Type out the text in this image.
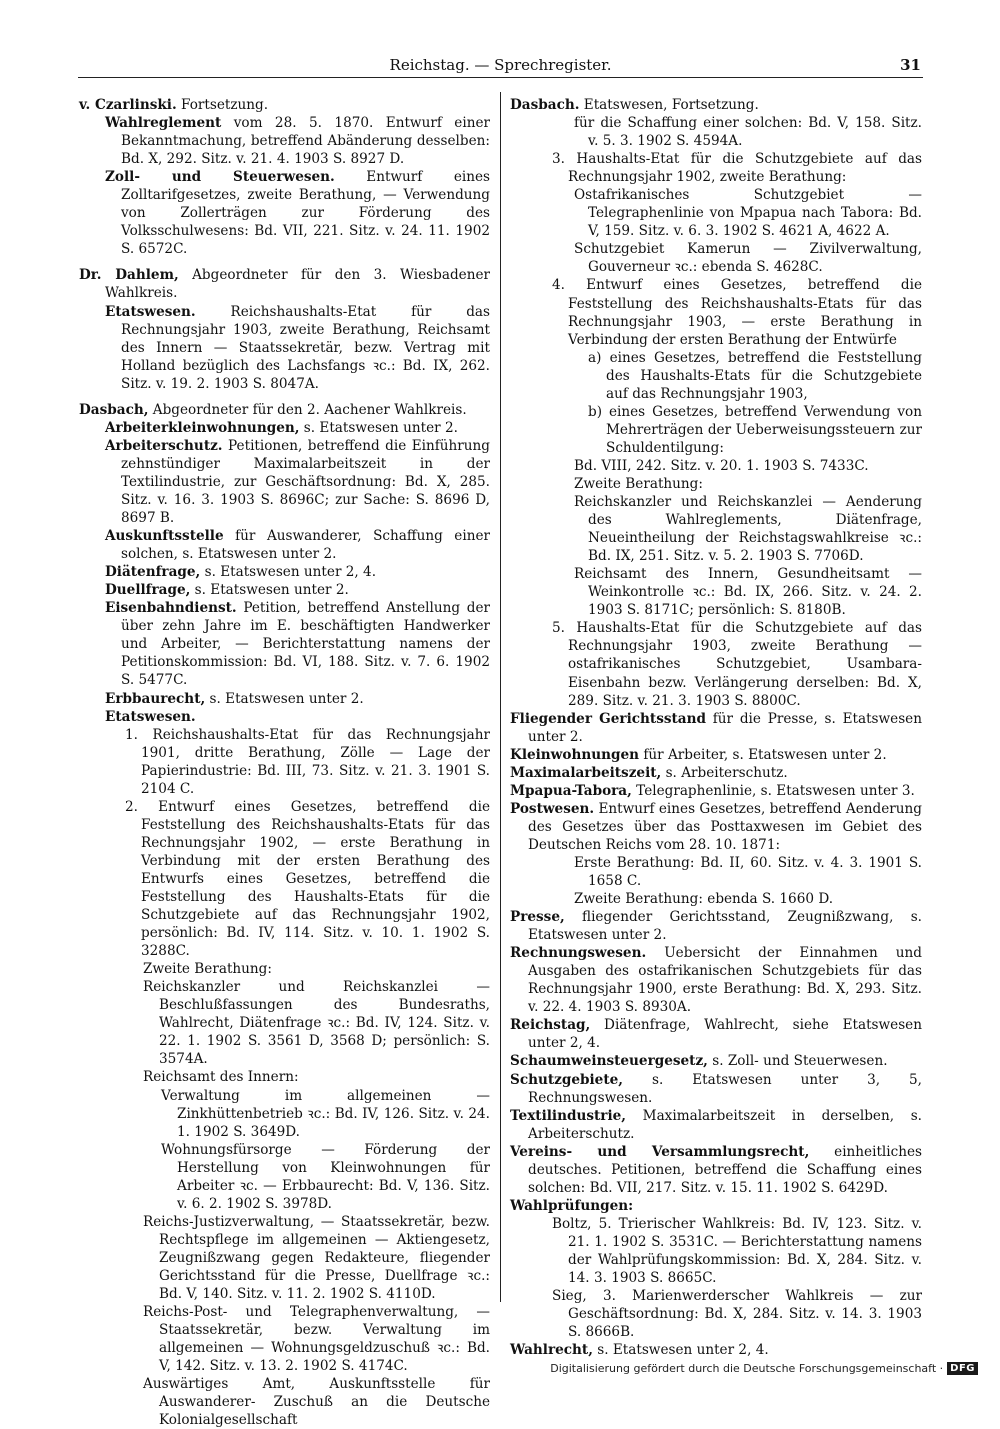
Reichstag. — Sprechregister.	31

v. Czarlinski. Fortsetzung.

Wahlreglement vom 28. 5. 1870. Entwurf einer Bekanntmachung, betreffend Abänderung desselben: Bd. X, 292. Sitz. v. 21. 4. 1903 S. 8927 D.

Zoll- und Steuerwesen. Entwurf eines Zolltarifgesetzes, zweite Berathung, — Verwendung von Zollerträgen zur Förderung des Volksschulwesens: Bd. VII, 221. Sitz. v. 24. 11. 1902 S. 6572C.

Dr. Dahlem, Abgeordneter für den 3. Wiesbadener Wahlkreis.

Etatswesen. Reichshaushalts-Etat für das Rechnungsjahr 1903, zweite Berathung, Reichsamt des Innern — Staatssekretär, bezw. Vertrag mit Holland bezüglich des Lachsfangs ꝛc.: Bd. IX, 262. Sitz. v. 19. 2. 1903 S. 8047A.

Dasbach, Abgeordneter für den 2. Aachener Wahlkreis.

Arbeiterkleinwohnungen, s. Etatswesen unter 2.

Arbeiterschutz. Petitionen, betreffend die Einführung zehnstündiger Maximalarbeitszeit in der Textilindustrie, zur Geschäftsordnung: Bd. X, 285. Sitz. v. 16. 3. 1903 S. 8696C; zur Sache: S. 8696 D, 8697 B.

Auskunftsstelle für Auswanderer, Schaffung einer solchen, s. Etatswesen unter 2.

Diätenfrage, s. Etatswesen unter 2, 4.

Duellfrage, s. Etatswesen unter 2.

Eisenbahndienst. Petition, betreffend Anstellung der über zehn Jahre im E. beschäftigten Handwerker und Arbeiter, — Berichterstattung namens der Petitionskommission: Bd. VI, 188. Sitz. v. 7. 6. 1902 S. 5477C.

Erbbaurecht, s. Etatswesen unter 2.

Etatswesen.

1. Reichshaushalts-Etat für das Rechnungsjahr 1901, dritte Berathung, Zölle — Lage der Papierindustrie: Bd. III, 73. Sitz. v. 21. 3. 1901 S. 2104 C.

2. Entwurf eines Gesetzes, betreffend die Feststellung des Reichshaushalts-Etats für das Rechnungsjahr 1902, — erste Berathung in Verbindung mit der ersten Berathung des Entwurfs eines Gesetzes, betreffend die Feststellung des Haushalts-Etats für die Schutzgebiete auf das Rechnungsjahr 1902, persönlich: Bd. IV, 114. Sitz. v. 10. 1. 1902 S. 3288C.

Zweite Berathung:

Reichskanzler und Reichskanzlei — Beschlußfassungen des Bundesraths, Wahlrecht, Diätenfrage ꝛc.: Bd. IV, 124. Sitz. v. 22. 1. 1902 S. 3561 D, 3568 D; persönlich: S. 3574A.

Reichsamt des Innern:

Verwaltung im allgemeinen — Zinkhüttenbetrieb ꝛc.: Bd. IV, 126. Sitz. v. 24. 1. 1902 S. 3649D.

Wohnungsfürsorge — Förderung der Herstellung von Kleinwohnungen für Arbeiter ꝛc. — Erbbaurecht: Bd. V, 136. Sitz. v. 6. 2. 1902 S. 3978D.

Reichs-Justizverwaltung, — Staatssekretär, bezw. Rechtspflege im allgemeinen — Aktiengesetz, Zeugnißzwang gegen Redakteure, fliegender Gerichtsstand für die Presse, Duellfrage ꝛc.: Bd. V, 140. Sitz. v. 11. 2. 1902 S. 4110D.

Reichs-Post- und Telegraphenverwaltung, — Staatssekretär, bezw. Verwaltung im allgemeinen — Wohnungsgeldzuschuß ꝛc.: Bd. V, 142. Sitz. v. 13. 2. 1902 S. 4174C.

Auswärtiges Amt, Auskunftsstelle für Auswanderer- Zuschuß an die Deutsche Kolonialgesellschaft

Dasbach. Etatswesen, Fortsetzung.

für die Schaffung einer solchen: Bd. V, 158. Sitz. v. 5. 3. 1902 S. 4594A.

3. Haushalts-Etat für die Schutzgebiete auf das Rechnungsjahr 1902, zweite Berathung:

Ostafrikanisches Schutzgebiet — Telegraphenlinie von Mpapua nach Tabora: Bd. V, 159. Sitz. v. 6. 3. 1902 S. 4621 A, 4622 A.

Schutzgebiet Kamerun — Zivilverwaltung, Gouverneur ꝛc.: ebenda S. 4628C.

4. Entwurf eines Gesetzes, betreffend die Feststellung des Reichshaushalts-Etats für das Rechnungsjahr 1903, — erste Berathung in Verbindung der ersten Berathung der Entwürfe

a) eines Gesetzes, betreffend die Feststellung des Haushalts-Etats für die Schutzgebiete auf das Rechnungsjahr 1903,

b) eines Gesetzes, betreffend Verwendung von Mehrerträgen der Ueberweisungssteuern zur Schuldentilgung:

Bd. VIII, 242. Sitz. v. 20. 1. 1903 S. 7433C.

Zweite Berathung:

Reichskanzler und Reichskanzlei — Aenderung des Wahlreglements, Diätenfrage, Neueintheilung der Reichstagswahlkreise ꝛc.: Bd. IX, 251. Sitz. v. 5. 2. 1903 S. 7706D.

Reichsamt des Innern, Gesundheitsamt — Weinkontrolle ꝛc.: Bd. IX, 266. Sitz. v. 24. 2. 1903 S. 8171C; persönlich: S. 8180B.

5. Haushalts-Etat für die Schutzgebiete auf das Rechnungsjahr 1903, zweite Berathung — ostafrikanisches Schutzgebiet, Usambara-Eisenbahn bezw. Verlängerung derselben: Bd. X, 289. Sitz. v. 21. 3. 1903 S. 8800C.

Fliegender Gerichtsstand für die Presse, s. Etatswesen unter 2.

Kleinwohnungen für Arbeiter, s. Etatswesen unter 2.

Maximalarbeitszeit, s. Arbeiterschutz.

Mpapua-Tabora, Telegraphenlinie, s. Etatswesen unter 3.

Postwesen. Entwurf eines Gesetzes, betreffend Aenderung des Gesetzes über das Posttaxwesen im Gebiet des Deutschen Reichs vom 28. 10. 1871:

Erste Berathung: Bd. II, 60. Sitz. v. 4. 3. 1901 S. 1658 C.

Zweite Berathung: ebenda S. 1660 D.

Presse, fliegender Gerichtsstand, Zeugnißzwang, s. Etatswesen unter 2.

Rechnungswesen. Uebersicht der Einnahmen und Ausgaben des ostafrikanischen Schutzgebiets für das Rechnungsjahr 1900, erste Berathung: Bd. X, 293. Sitz. v. 22. 4. 1903 S. 8930A.

Reichstag, Diätenfrage, Wahlrecht, siehe Etatswesen unter 2, 4.

Schaumweinsteuergesetz, s. Zoll- und Steuerwesen.

Schutzgebiete, s. Etatswesen unter 3, 5, Rechnungswesen.

Textilindustrie, Maximalarbeitszeit in derselben, s. Arbeiterschutz.

Vereins- und Versammlungsrecht, einheitliches deutsches. Petitionen, betreffend die Schaffung eines solchen: Bd. VII, 217. Sitz. v. 15. 11. 1902 S. 6429D.

Wahlprüfungen:

Boltz, 5. Trierischer Wahlkreis: Bd. IV, 123. Sitz. v. 21. 1. 1902 S. 3531C. — Berichterstattung namens der Wahlprüfungskommission: Bd. X, 284. Sitz. v. 14. 3. 1903 S. 8665C.

Sieg, 3. Marienwerderscher Wahlkreis — zur Geschäftsordnung: Bd. X, 284. Sitz. v. 14. 3. 1903 S. 8666B.

Wahlrecht, s. Etatswesen unter 2, 4.

Digitalisierung gefördert durch die Deutsche Forschungsgemeinschaft · DFG
